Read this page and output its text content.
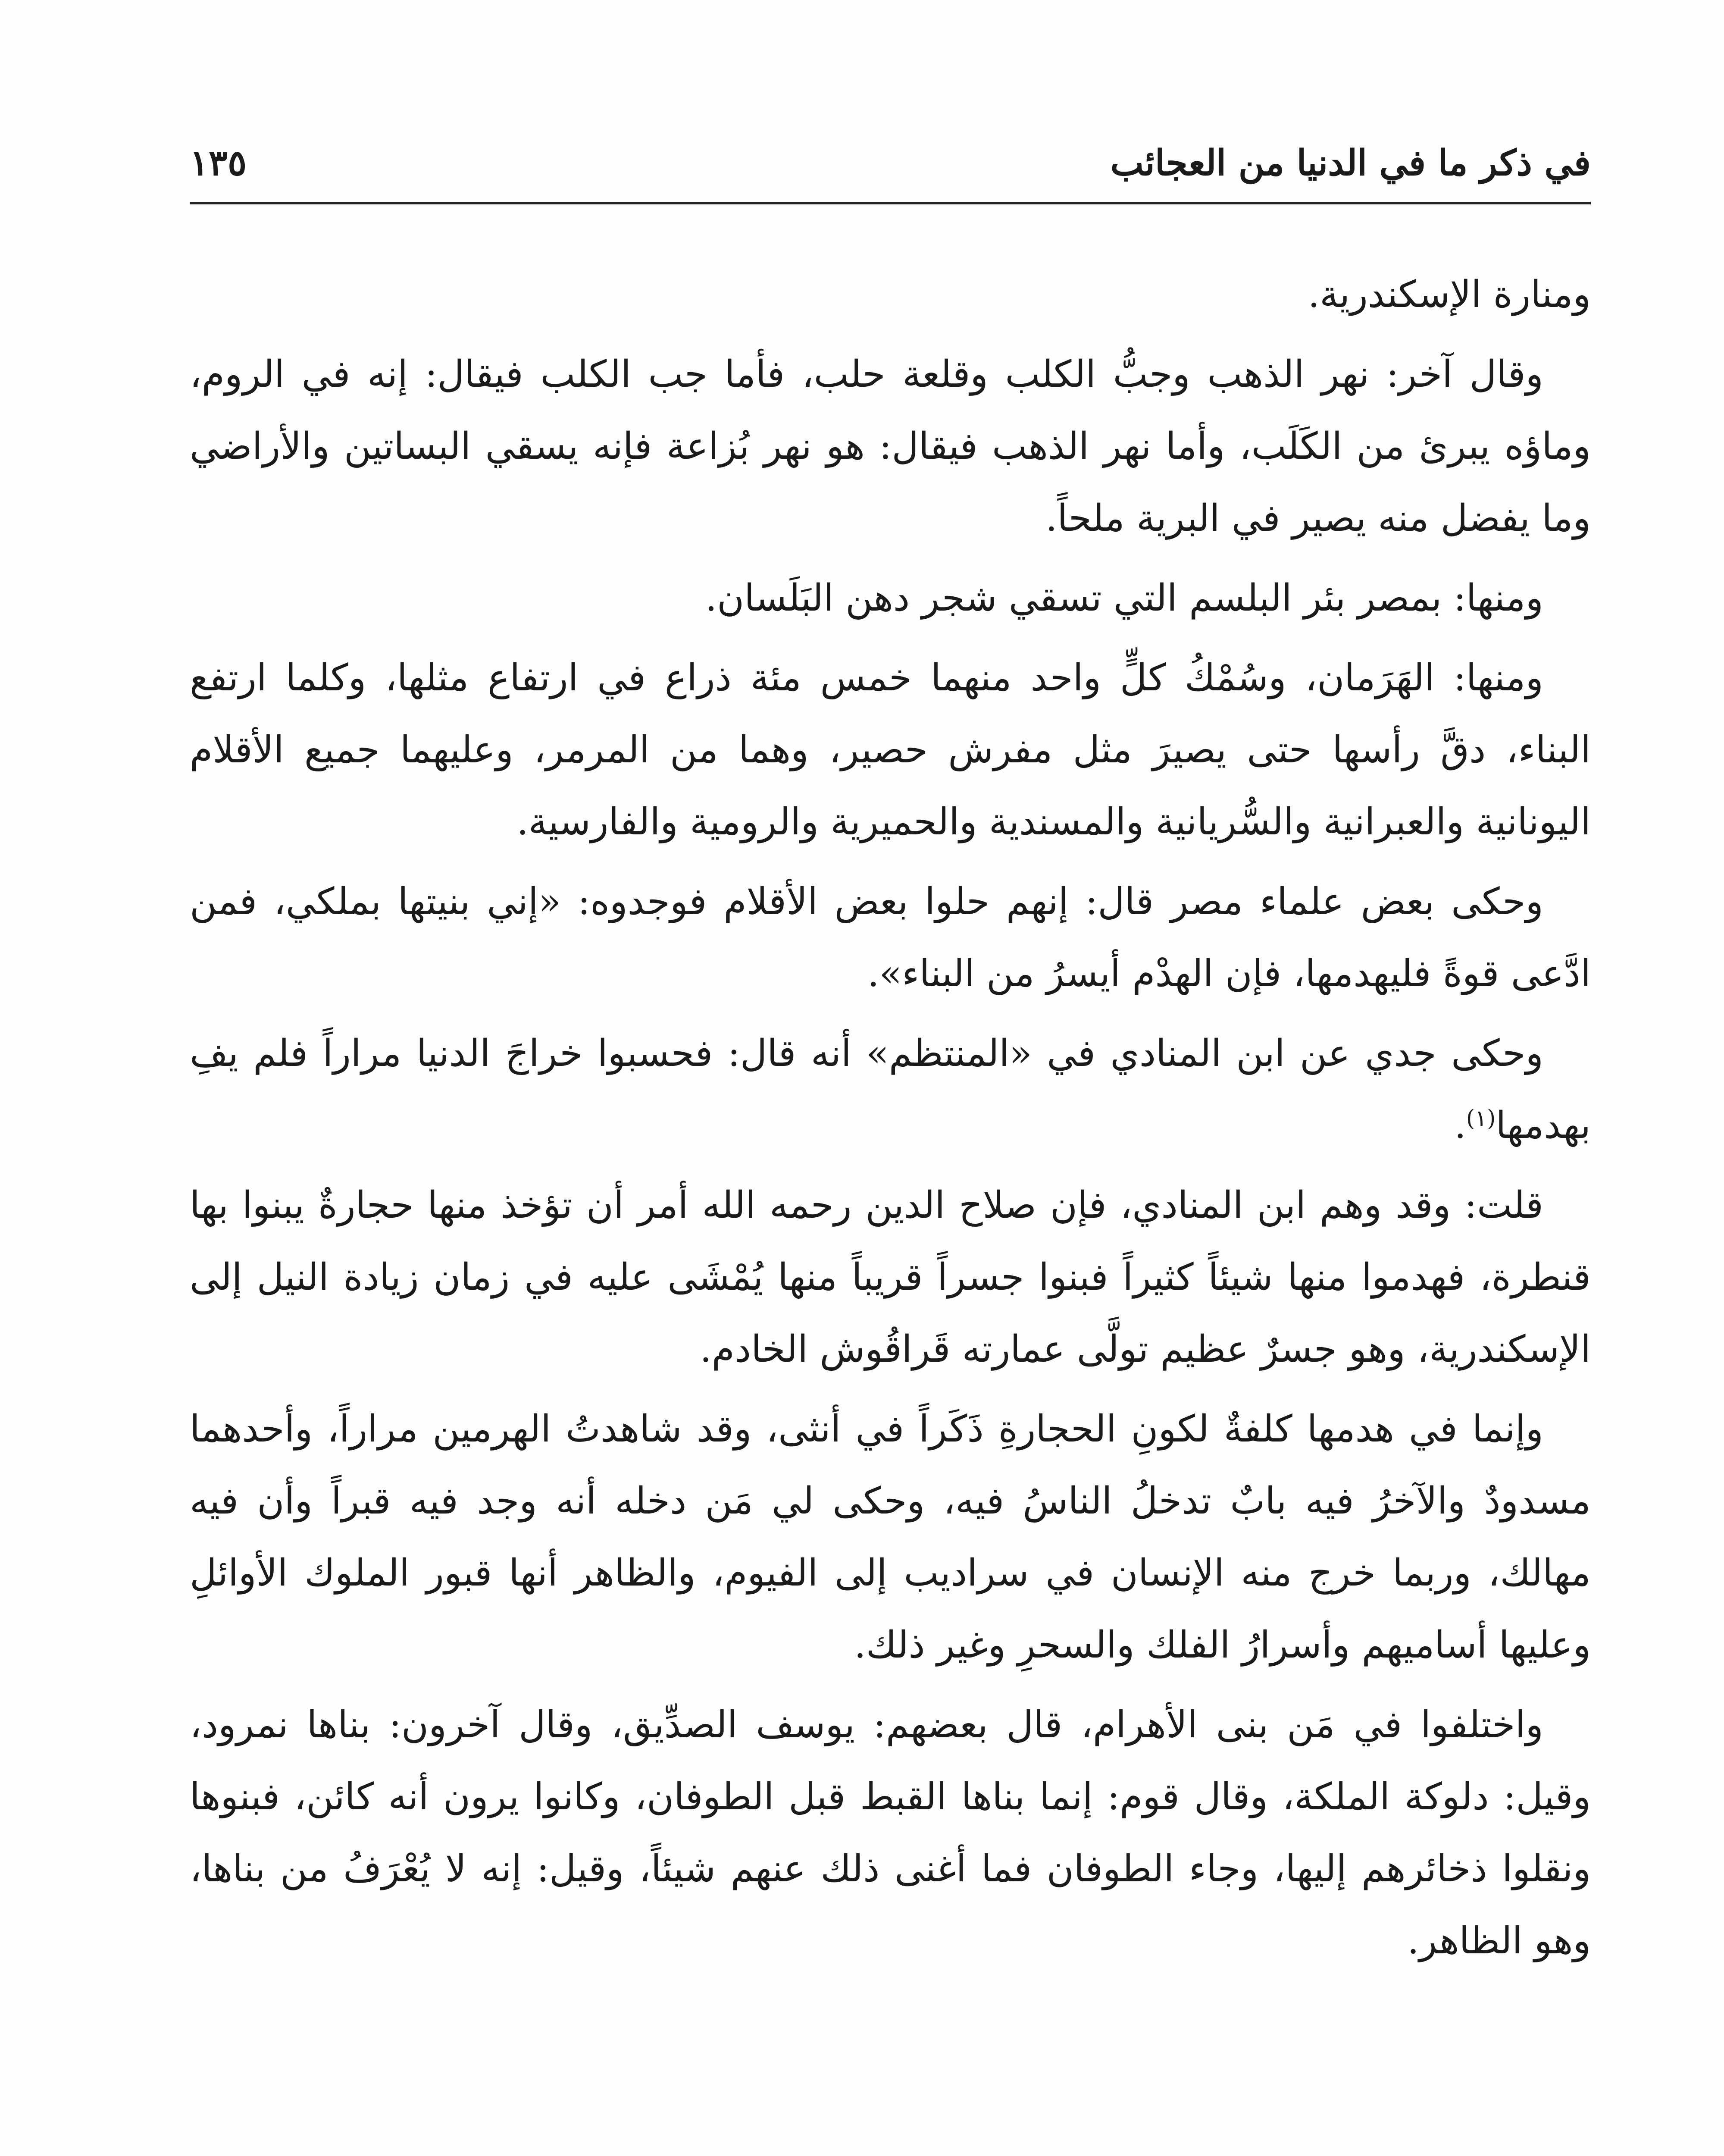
في ذكر ما في الدنيا من العجائب
١٣٥

ومنارة الإسكندرية.

وقال آخر: نهر الذهب وجبُّ الكلب وقلعة حلب، فأما جب الكلب فيقال: إنه في الروم، وماؤه يبرئ من الكَلَب، وأما نهر الذهب فيقال: هو نهر بُزاعة فإنه يسقي البساتين والأراضي وما يفضل منه يصير في البرية ملحاً.

ومنها: بمصر بئر البلسم التي تسقي شجر دهن البَلَسان.

ومنها: الهَرَمان، وسُمْكُ كلٍّ واحد منهما خمس مئة ذراع في ارتفاع مثلها، وكلما ارتفع البناء، دقَّ رأسها حتى يصيرَ مثل مفرش حصير، وهما من المرمر، وعليهما جميع الأقلام اليونانية والعبرانية والسُّريانية والمسندية والحميرية والرومية والفارسية.

وحكى بعض علماء مصر قال: إنهم حلوا بعض الأقلام فوجدوه: «إني بنيتها بملكي، فمن ادَّعى قوةً فليهدمها، فإن الهدْم أيسرُ من البناء».

وحكى جدي عن ابن المنادي في «المنتظم» أنه قال: فحسبوا خراجَ الدنيا مراراً فلم يفِ بهدمها$^{(١)}$.

قلت: وقد وهم ابن المنادي، فإن صلاح الدين رحمه الله أمر أن تؤخذ منها حجارةٌ يبنوا بها قنطرة، فهدموا منها شيئاً كثيراً فبنوا جسراً قريباً منها يُمْشَى عليه في زمان زيادة النيل إلى الإسكندرية، وهو جسرٌ عظيم تولَّى عمارته قَراقُوش الخادم.

وإنما في هدمها كلفةٌ لكونِ الحجارةِ ذَكَراً في أنثى، وقد شاهدتُ الهرمين مراراً، وأحدهما مسدودٌ والآخرُ فيه بابٌ تدخلُ الناسُ فيه، وحكى لي مَن دخله أنه وجد فيه قبراً وأن فيه مهالك، وربما خرج منه الإنسان في سراديب إلى الفيوم، والظاهر أنها قبور الملوك الأوائلِ وعليها أساميهم وأسرارُ الفلك والسحرِ وغير ذلك.

واختلفوا في مَن بنى الأهرام، قال بعضهم: يوسف الصدِّيق، وقال آخرون: بناها نمرود، وقيل: دلوكة الملكة، وقال قوم: إنما بناها القبط قبل الطوفان، وكانوا يرون أنه كائن، فبنوها ونقلوا ذخائرهم إليها، وجاء الطوفان فما أغنى ذلك عنهم شيئاً، وقيل: إنه لا يُعْرَفُ من بناها، وهو الظاهر.
